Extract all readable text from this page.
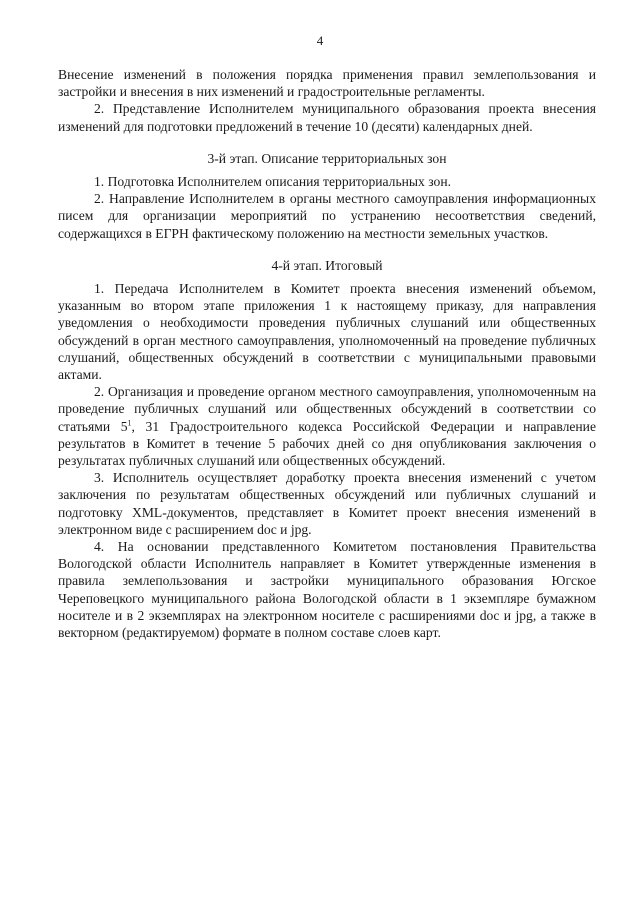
4

Внесение изменений в положения порядка применения правил землепользования и застройки и внесения в них изменений и градостроительные регламенты.

2. Представление Исполнителем муниципального образования проекта внесения изменений для подготовки предложений в течение 10 (десяти) календарных дней.

3-й этап. Описание территориальных зон

1. Подготовка Исполнителем описания территориальных зон.

2. Направление Исполнителем в органы местного самоуправления информационных писем для организации мероприятий по устранению несоответствия сведений, содержащихся в ЕГРН фактическому положению на местности земельных участков.

4-й этап. Итоговый

1. Передача Исполнителем в Комитет проекта внесения изменений объемом, указанным во втором этапе приложения 1 к настоящему приказу, для направления уведомления о необходимости проведения публичных слушаний или общественных обсуждений в орган местного самоуправления, уполномоченный на проведение публичных слушаний, общественных обсуждений в соответствии с муниципальными правовыми актами.

2. Организация и проведение органом местного самоуправления, уполномоченным на проведение публичных слушаний или общественных обсуждений в соответствии со статьями $5^1$, 31 Градостроительного кодекса Российской Федерации и направление результатов в Комитет в течение 5 рабочих дней со дня опубликования заключения о результатах публичных слушаний или общественных обсуждений.

3. Исполнитель осуществляет доработку проекта внесения изменений с учетом заключения по результатам общественных обсуждений или публичных слушаний и подготовку XML-документов, представляет в Комитет проект внесения изменений в электронном виде с расширением doc и jpg.

4. На основании представленного Комитетом постановления Правительства Вологодской области Исполнитель направляет в Комитет утвержденные изменения в правила землепользования и застройки муниципального образования Югское Череповецкого муниципального района Вологодской области в 1 экземпляре бумажном носителе и в 2 экземплярах на электронном носителе с расширениями doc и jpg, а также в векторном (редактируемом) формате в полном составе слоев карт.
